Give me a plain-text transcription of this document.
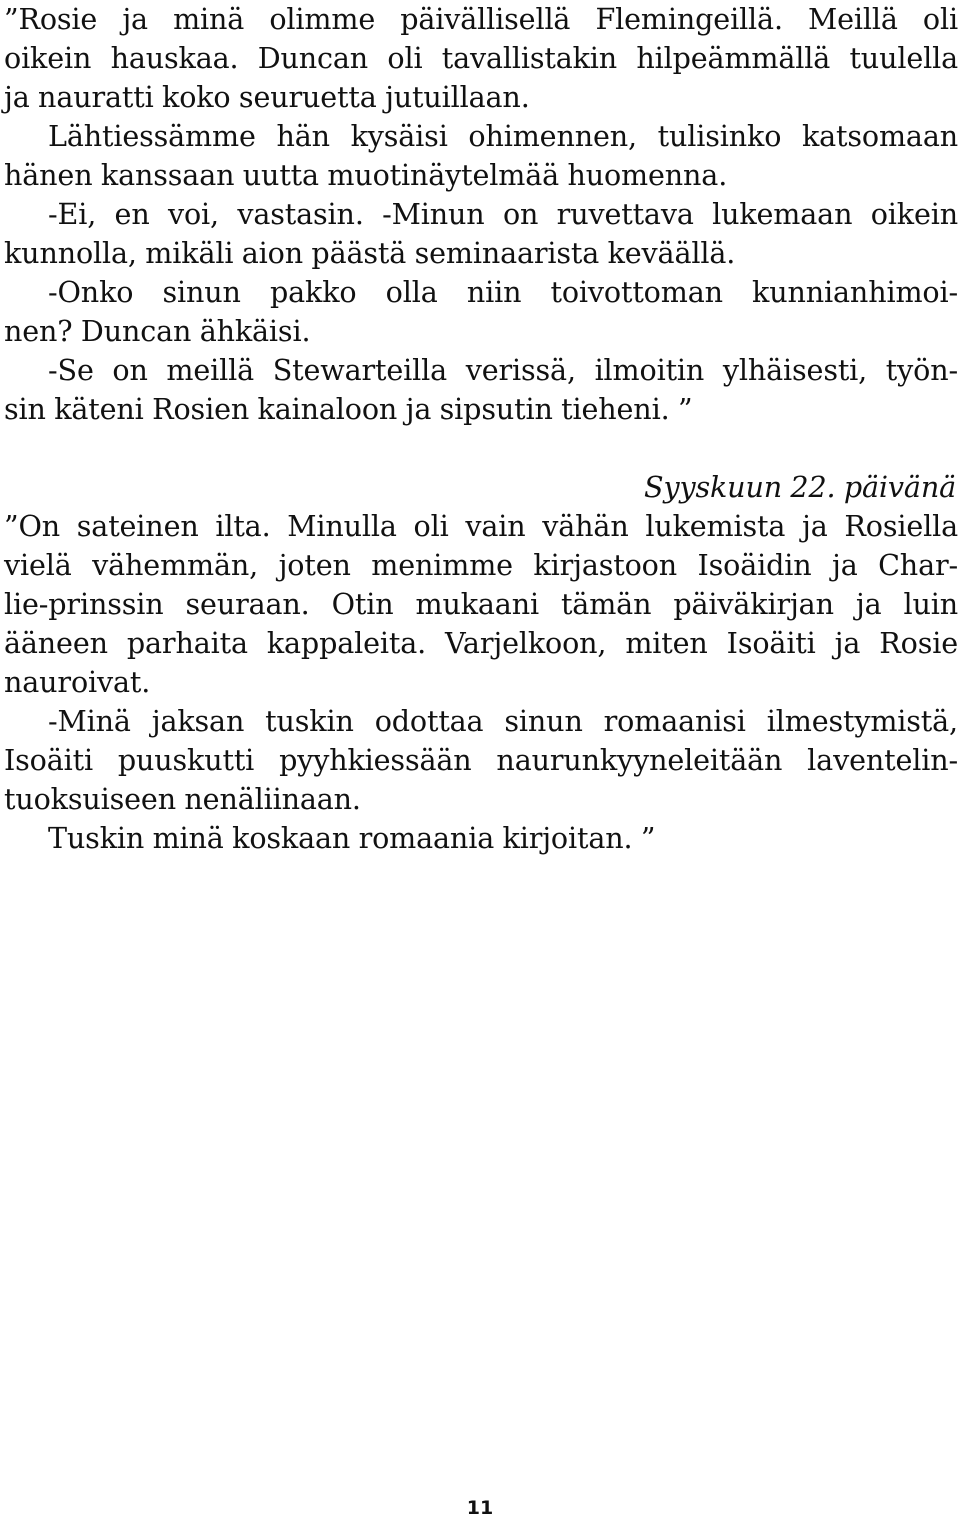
”Rosie ja minä olimme päivällisellä Flemingeillä. Meillä oli
oikein hauskaa. Duncan oli tavallistakin hilpeämmällä tuulella
ja nauratti koko seuruetta jutuillaan.
Lähtiessämme hän kysäisi ohimennen, tulisinko katsomaan
hänen kanssaan uutta muotinäytelmää huomenna.
-Ei, en voi, vastasin. -Minun on ruvettava lukemaan oikein
kunnolla, mikäli aion päästä seminaarista keväällä.
-Onko sinun pakko olla niin toivottoman kunnianhimoi-
nen? Duncan ähkäisi.
-Se on meillä Stewarteilla verissä, ilmoitin ylhäisesti, työn-
sin käteni Rosien kainaloon ja sipsutin tieheni. ”
Syyskuun 22. päivänä
”On sateinen ilta. Minulla oli vain vähän lukemista ja Rosiella
vielä vähemmän, joten menimme kirjastoon Isoäidin ja Char-
lie-prinssin seuraan. Otin mukaani tämän päiväkirjan ja luin
ääneen parhaita kappaleita. Varjelkoon, miten Isoäiti ja Rosie
nauroivat.
-Minä jaksan tuskin odottaa sinun romaanisi ilmestymistä,
Isoäiti puuskutti pyyhkiessään naurunkyyneleitään laventelin-
tuoksuiseen nenäliinaan.
Tuskin minä koskaan romaania kirjoitan. ”
11
